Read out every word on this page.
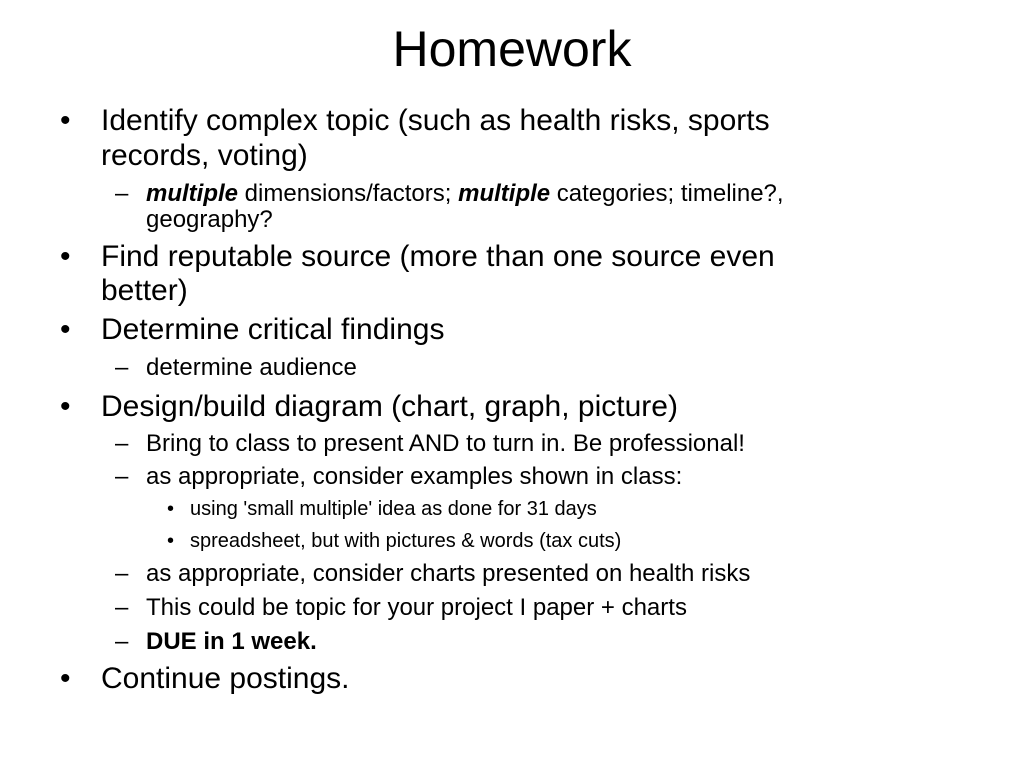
Homework
• Identify complex topic (such as health risks, sports
records, voting)
– multiple dimensions/factors; multiple categories; timeline?,
geography?
• Find reputable source (more than one source even
better)
• Determine critical findings
– determine audience
• Design/build diagram (chart, graph, picture)
– Bring to class to present AND to turn in. Be professional!
– as appropriate, consider examples shown in class:
• using 'small multiple' idea as done for 31 days
• spreadsheet, but with pictures & words (tax cuts)
– as appropriate, consider charts presented on health risks
– This could be topic for your project I paper + charts
– DUE in 1 week.
• Continue postings.
